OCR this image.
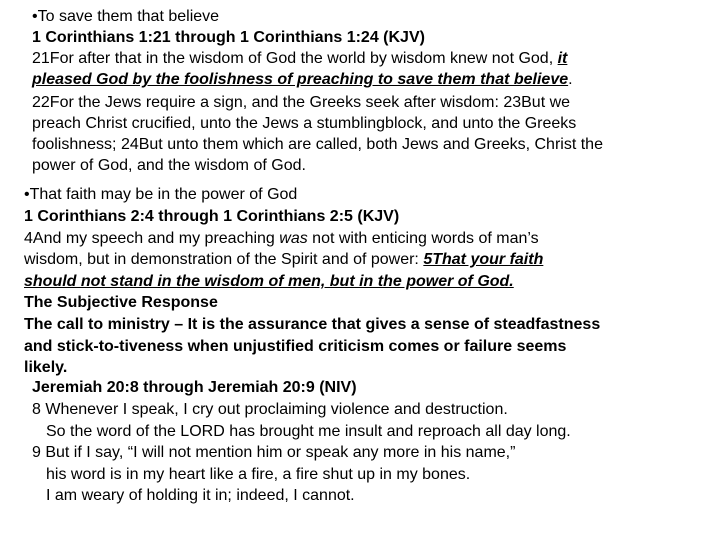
•To save them that believe
1 Corinthians 1:21 through 1 Corinthians 1:24 (KJV)
21For after that in the wisdom of God the world by wisdom knew not God, it
pleased God by the foolishness of preaching to save them that believe.
22For the Jews require a sign, and the Greeks seek after wisdom: 23But we
preach Christ crucified, unto the Jews a stumblingblock, and unto the Greeks
foolishness; 24But unto them which are called, both Jews and Greeks, Christ the
power of God, and the wisdom of God.
•That faith may be in the power of God
1 Corinthians 2:4 through 1 Corinthians 2:5 (KJV)
4And my speech and my preaching was not with enticing words of man’s
wisdom, but in demonstration of the Spirit and of power: 5That your faith
should not stand in the wisdom of men, but in the power of God.
The Subjective Response
The call to ministry – It is the assurance that gives a sense of steadfastness
and stick-to-tiveness when unjustified criticism comes or failure seems
likely.
Jeremiah 20:8 through Jeremiah 20:9 (NIV)
8 Whenever I speak, I cry out proclaiming violence and destruction.
So the word of the LORD has brought me insult and reproach all day long.
9 But if I say, “I will not mention him or speak any more in his name,”
his word is in my heart like a fire, a fire shut up in my bones.
I am weary of holding it in; indeed, I cannot.
